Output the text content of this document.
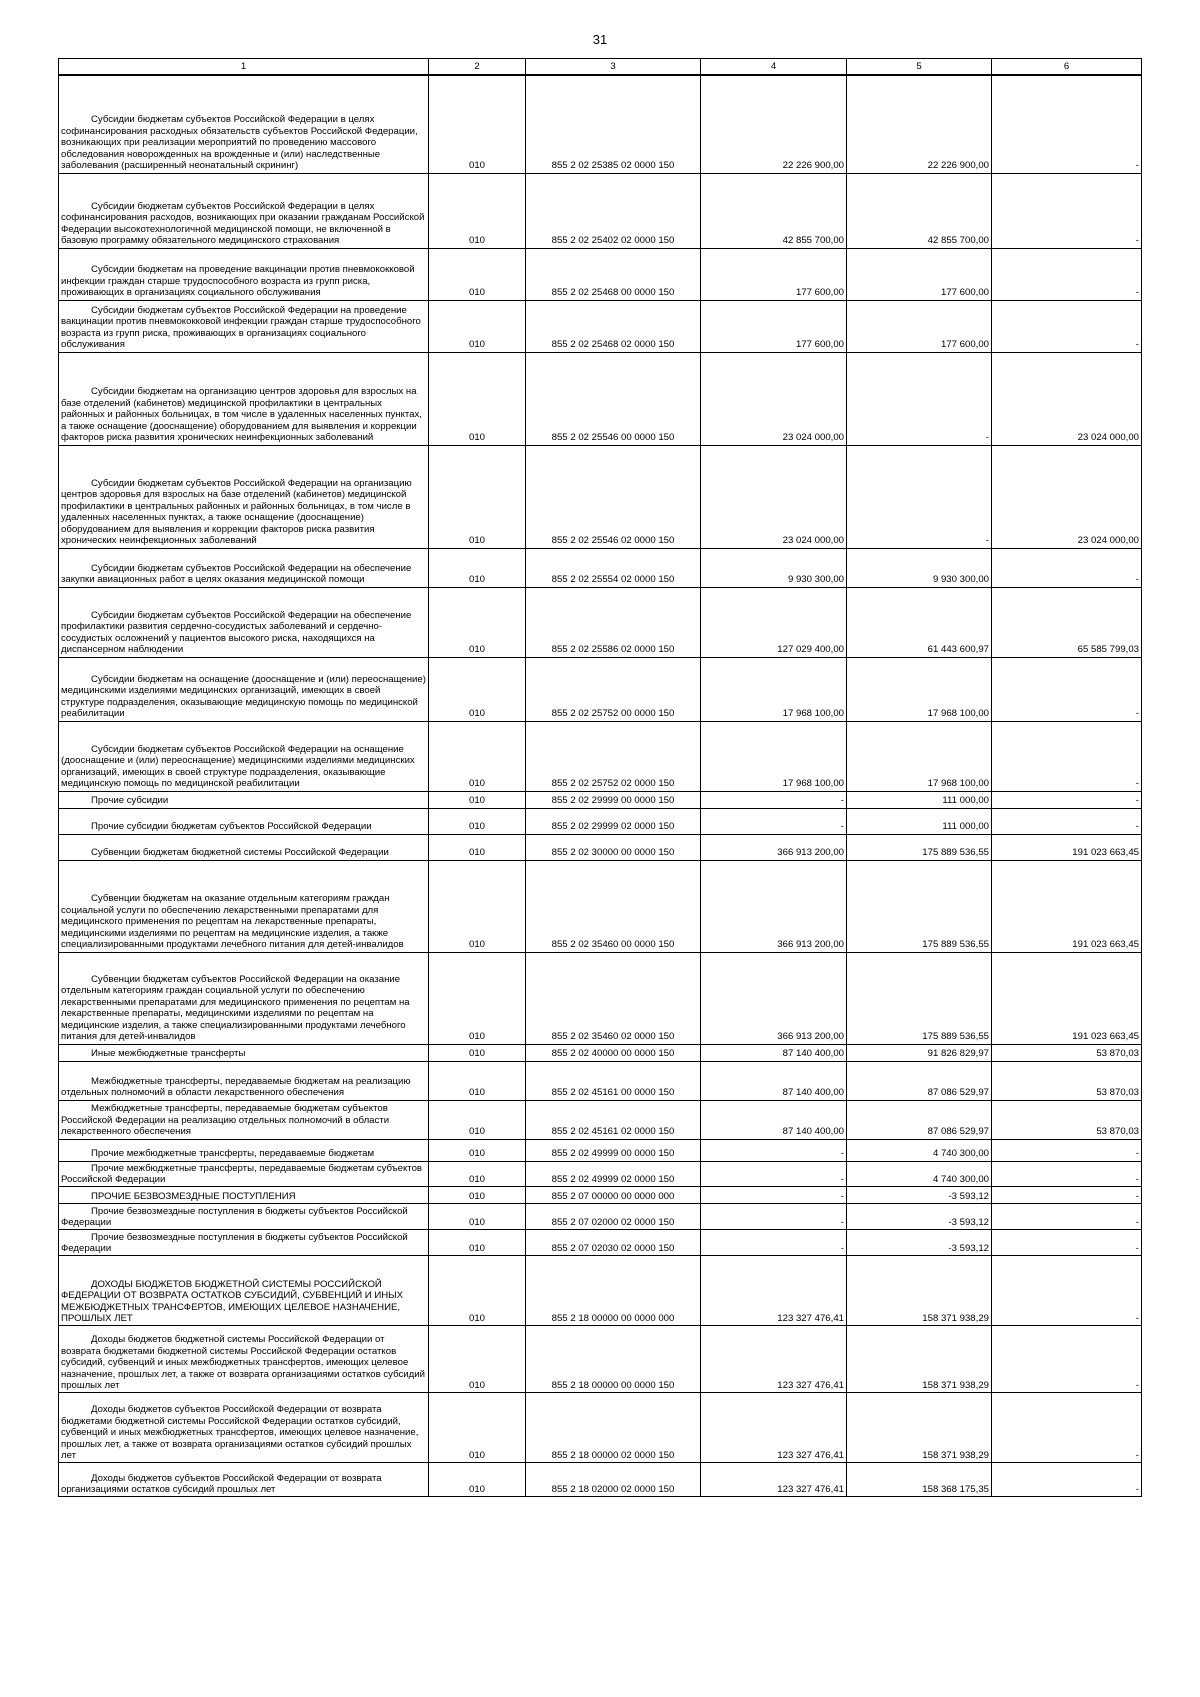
31
1	2	3	4	5	6

Субсидии бюджетам субъектов Российской Федерации в целях софинансирования расходных обязательств субъектов Российской Федерации, возникающих при реализации мероприятий по проведению массового обследования новорожденных на врожденные и (или) наследственные заболевания (расширенный неонатальный скрининг)	010	855 2 02 25385 02 0000 150	22 226 900,00	22 226 900,00	-

Субсидии бюджетам субъектов Российской Федерации в целях софинансирования расходов, возникающих при оказании гражданам Российской Федерации высокотехнологичной медицинской помощи, не включенной в базовую программу обязательного медицинского страхования	010	855 2 02 25402 02 0000 150	42 855 700,00	42 855 700,00	-

Субсидии бюджетам на проведение вакцинации против пневмококковой инфекции граждан старше трудоспособного возраста из групп риска, проживающих в организациях социального обслуживания	010	855 2 02 25468 00 0000 150	177 600,00	177 600,00	-

Субсидии бюджетам субъектов Российской Федерации на проведение вакцинации против пневмококковой инфекции граждан старше трудоспособного возраста из групп риска, проживающих в организациях социального обслуживания	010	855 2 02 25468 02 0000 150	177 600,00	177 600,00	-

Субсидии бюджетам на организацию центров здоровья для взрослых на базе отделений (кабинетов) медицинской профилактики в центральных районных и районных больницах, в том числе в удаленных населенных пунктах, а также оснащение (дооснащение) оборудованием для выявления и коррекции факторов риска развития хронических неинфекционных заболеваний	010	855 2 02 25546 00 0000 150	23 024 000,00	-	23 024 000,00

Субсидии бюджетам субъектов Российской Федерации на организацию центров здоровья для взрослых на базе отделений (кабинетов) медицинской профилактики в центральных районных и районных больницах, в том числе в удаленных населенных пунктах, а также оснащение (дооснащение) оборудованием для выявления и коррекции факторов риска развития хронических неинфекционных заболеваний	010	855 2 02 25546 02 0000 150	23 024 000,00	-	23 024 000,00

Субсидии бюджетам субъектов Российской Федерации на обеспечение закупки авиационных работ в целях оказания медицинской помощи	010	855 2 02 25554 02 0000 150	9 930 300,00	9 930 300,00	-

Субсидии бюджетам субъектов Российской Федерации на обеспечение профилактики развития сердечно-сосудистых заболеваний и сердечно-сосудистых осложнений у пациентов высокого риска, находящихся на диспансерном наблюдении	010	855 2 02 25586 02 0000 150	127 029 400,00	61 443 600,97	65 585 799,03

Субсидии бюджетам на оснащение (дооснащение и (или) переоснащение) медицинскими изделиями медицинских организаций, имеющих в своей структуре подразделения, оказывающие медицинскую помощь по медицинской реабилитации	010	855 2 02 25752 00 0000 150	17 968 100,00	17 968 100,00	-

Субсидии бюджетам субъектов Российской Федерации на оснащение (дооснащение и (или) переоснащение) медицинскими изделиями медицинских организаций, имеющих в своей структуре подразделения, оказывающие медицинскую помощь по медицинской реабилитации	010	855 2 02 25752 02 0000 150	17 968 100,00	17 968 100,00	-

Прочие субсидии	010	855 2 02 29999 00 0000 150	-	111 000,00	-

Прочие субсидии бюджетам субъектов Российской Федерации	010	855 2 02 29999 02 0000 150	-	111 000,00	-

Субвенции бюджетам бюджетной системы Российской Федерации	010	855 2 02 30000 00 0000 150	366 913 200,00	175 889 536,55	191 023 663,45

Субвенции бюджетам на оказание отдельным категориям граждан социальной услуги по обеспечению лекарственными препаратами для медицинского применения по рецептам на лекарственные препараты, медицинскими изделиями по рецептам на медицинские изделия, а также специализированными продуктами лечебного питания для детей-инвалидов	010	855 2 02 35460 00 0000 150	366 913 200,00	175 889 536,55	191 023 663,45

Субвенции бюджетам субъектов Российской Федерации на оказание отдельным категориям граждан социальной услуги по обеспечению лекарственными препаратами для медицинского применения по рецептам на лекарственные препараты, медицинскими изделиями по рецептам на медицинские изделия, а также специализированными продуктами лечебного питания для детей-инвалидов	010	855 2 02 35460 02 0000 150	366 913 200,00	175 889 536,55	191 023 663,45

Иные межбюджетные трансферты	010	855 2 02 40000 00 0000 150	87 140 400,00	91 826 829,97	53 870,03

Межбюджетные трансферты, передаваемые бюджетам на реализацию отдельных полномочий в области лекарственного обеспечения	010	855 2 02 45161 00 0000 150	87 140 400,00	87 086 529,97	53 870,03

Межбюджетные трансферты, передаваемые бюджетам субъектов Российской Федерации на реализацию отдельных полномочий в области лекарственного обеспечения	010	855 2 02 45161 02 0000 150	87 140 400,00	87 086 529,97	53 870,03

Прочие межбюджетные трансферты, передаваемые бюджетам	010	855 2 02 49999 00 0000 150	-	4 740 300,00	-

Прочие межбюджетные трансферты, передаваемые бюджетам субъектов Российской Федерации	010	855 2 02 49999 02 0000 150	-	4 740 300,00	-

ПРОЧИЕ БЕЗВОЗМЕЗДНЫЕ ПОСТУПЛЕНИЯ	010	855 2 07 00000 00 0000 000	-	-3 593,12	-

Прочие безвозмездные поступления в бюджеты субъектов Российской Федерации	010	855 2 07 02000 02 0000 150	-	-3 593,12	-

Прочие безвозмездные поступления в бюджеты субъектов Российской Федерации	010	855 2 07 02030 02 0000 150	-	-3 593,12	-

ДОХОДЫ БЮДЖЕТОВ БЮДЖЕТНОЙ СИСТЕМЫ РОССИЙСКОЙ ФЕДЕРАЦИИ ОТ ВОЗВРАТА ОСТАТКОВ СУБСИДИЙ, СУБВЕНЦИЙ И ИНЫХ МЕЖБЮДЖЕТНЫХ ТРАНСФЕРТОВ, ИМЕЮЩИХ ЦЕЛЕВОЕ НАЗНАЧЕНИЕ, ПРОШЛЫХ ЛЕТ	010	855 2 18 00000 00 0000 000	123 327 476,41	158 371 938,29	-

Доходы бюджетов бюджетной системы Российской Федерации от возврата бюджетами бюджетной системы Российской Федерации остатков субсидий, субвенций и иных межбюджетных трансфертов, имеющих целевое назначение, прошлых лет, а также от возврата организациями остатков субсидий прошлых лет	010	855 2 18 00000 00 0000 150	123 327 476,41	158 371 938,29	-

Доходы бюджетов субъектов Российской Федерации от возврата бюджетами бюджетной системы Российской Федерации остатков субсидий, субвенций и иных межбюджетных трансфертов, имеющих целевое назначение, прошлых лет, а также от возврата организациями остатков субсидий прошлых лет	010	855 2 18 00000 02 0000 150	123 327 476,41	158 371 938,29	-

Доходы бюджетов субъектов Российской Федерации от возврата организациями остатков субсидий прошлых лет	010	855 2 18 02000 02 0000 150	123 327 476,41	158 368 175,35	-
